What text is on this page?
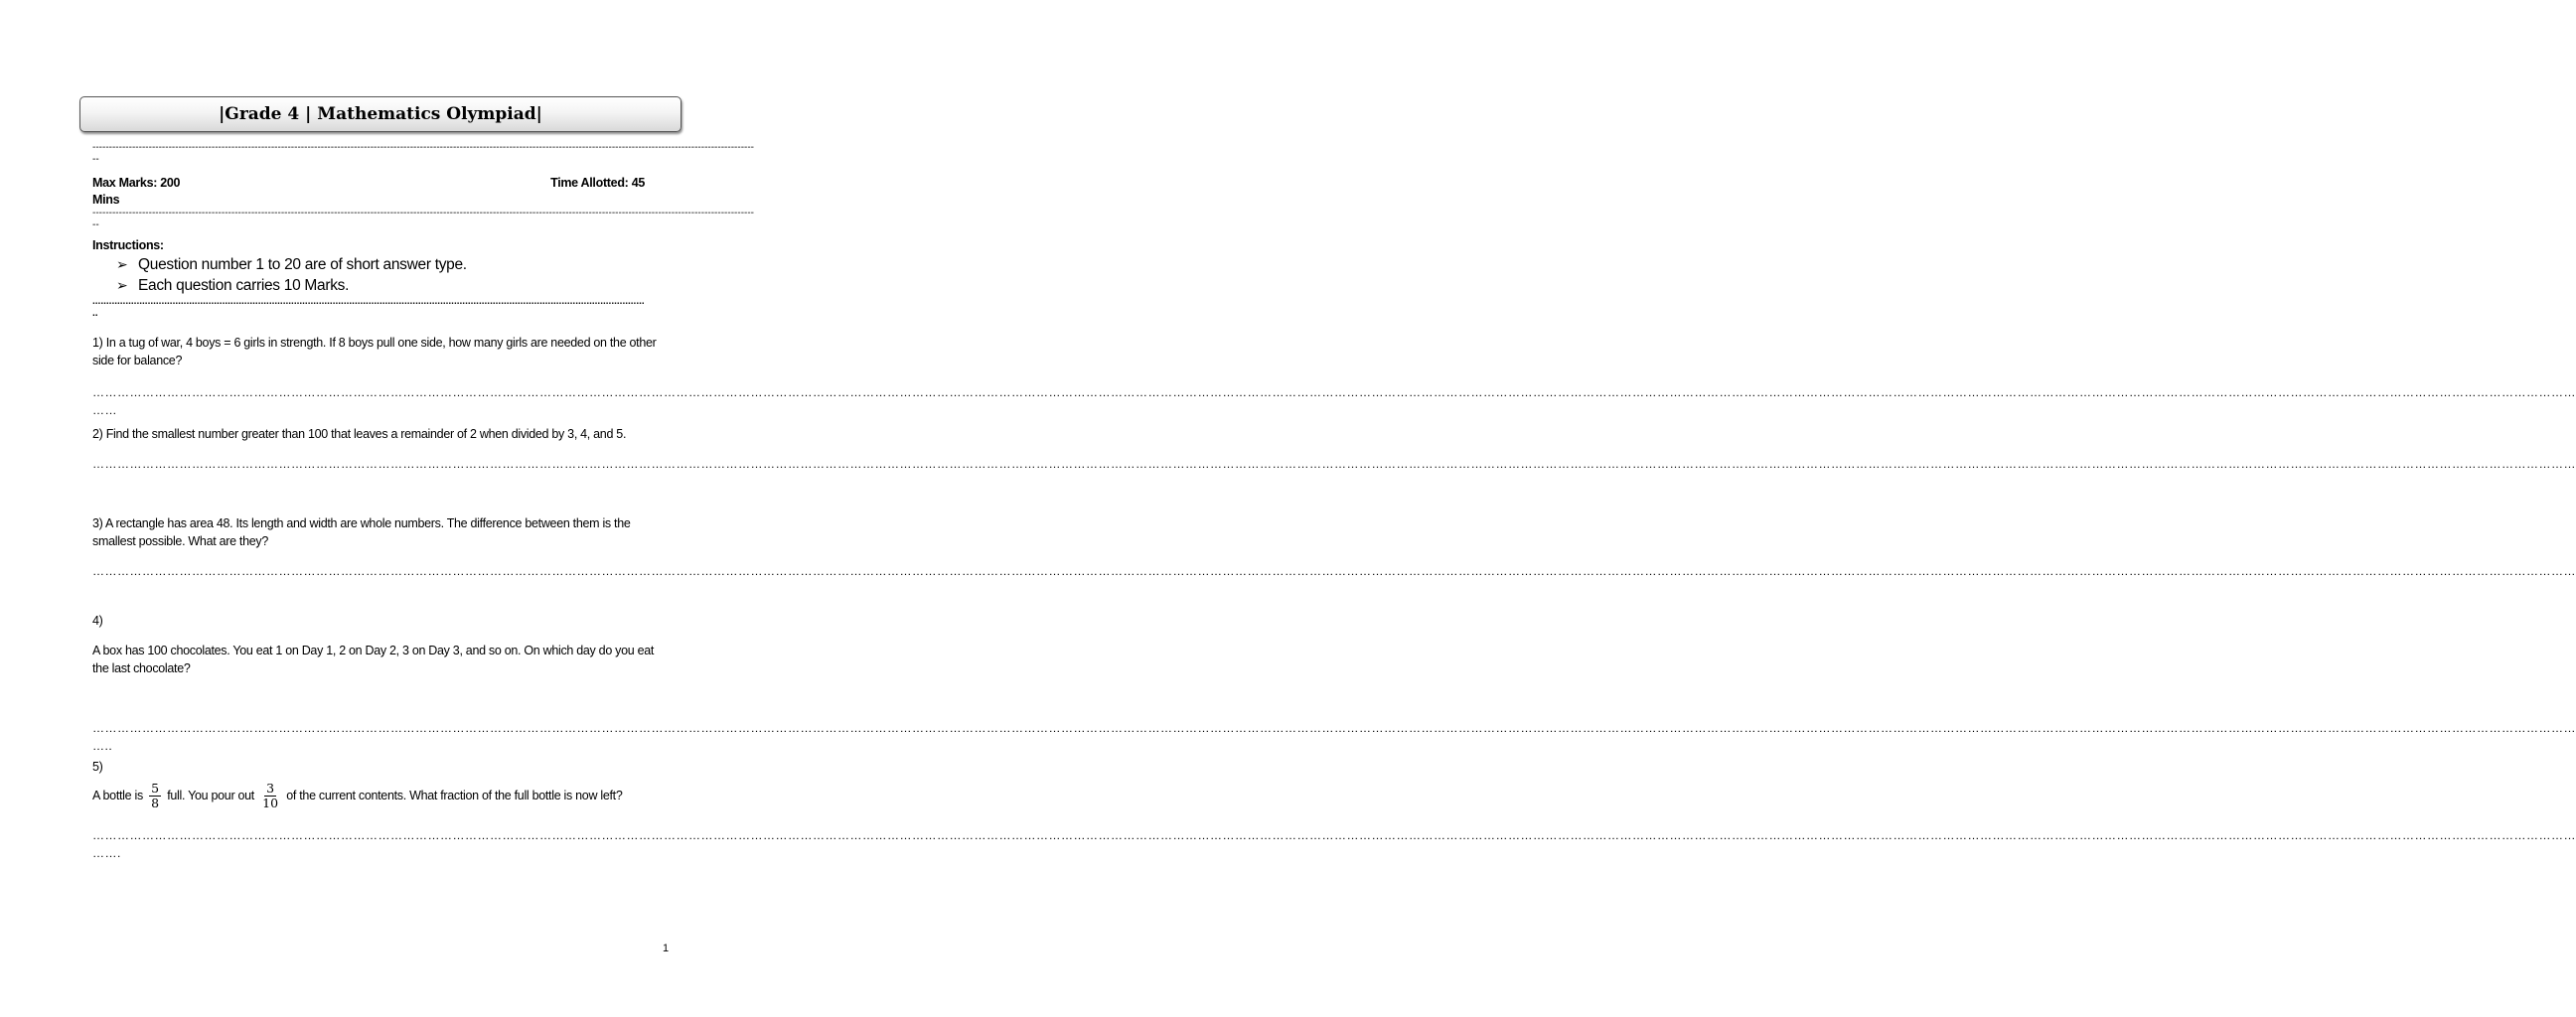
|Grade 4 | Mathematics Olympiad|
--------------------------------------------------------------------------------------------------------------------------------------------------------------------------------------------------------
--
Max Marks: 200	Time Allotted: 45
Mins
--------------------------------------------------------------------------------------------------------------------------------------------------------------------------------------------------------
--
Instructions:
➢ Question number 1 to 20 are of short answer type.
➢ Each question carries 10 Marks.
........................................................................................................................................................................................................
..
1) In a tug of war, 4 boys = 6 girls in strength. If 8 boys pull one side, how many girls are needed on the other side for balance?
……………………………………………………………………………………………………………………………………………………………………………………………………………………………………………………………………………………………………………………………………………………………………………………………………………………………………………………………………………………………………………………………………………………
……
2) Find the smallest number greater than 100 that leaves a remainder of 2 when divided by 3, 4, and 5.
……………………………………………………………………………………………………………………………………………………………………………………………………………………………………………………………………………………………………………………………………………………………………………………………………………………………………………………………………………………………………………………………………………………
3) A rectangle has area 48. Its length and width are whole numbers. The difference between them is the smallest possible. What are they?
……………………………………………………………………………………………………………………………………………………………………………………………………………………………………………………………………………………………………………………………………………………………………………………………………………………………………………………………………………………………………………………………………………………
4)
A box has 100 chocolates. You eat 1 on Day 1, 2 on Day 2, 3 on Day 3, and so on. On which day do you eat the last chocolate?
……………………………………………………………………………………………………………………………………………………………………………………………………………………………………………………………………………………………………………………………………………………………………………………………………………………………………………………………………………………………………………………………………………………
…..
5)
A bottle is $\frac{5}{8}$ full. You pour out $\frac{3}{10}$ of the current contents. What fraction of the full bottle is now left?
……………………………………………………………………………………………………………………………………………………………………………………………………………………………………………………………………………………………………………………………………………………………………………………………………………………………………………………………………………………………………………………………………………………
…….
1
